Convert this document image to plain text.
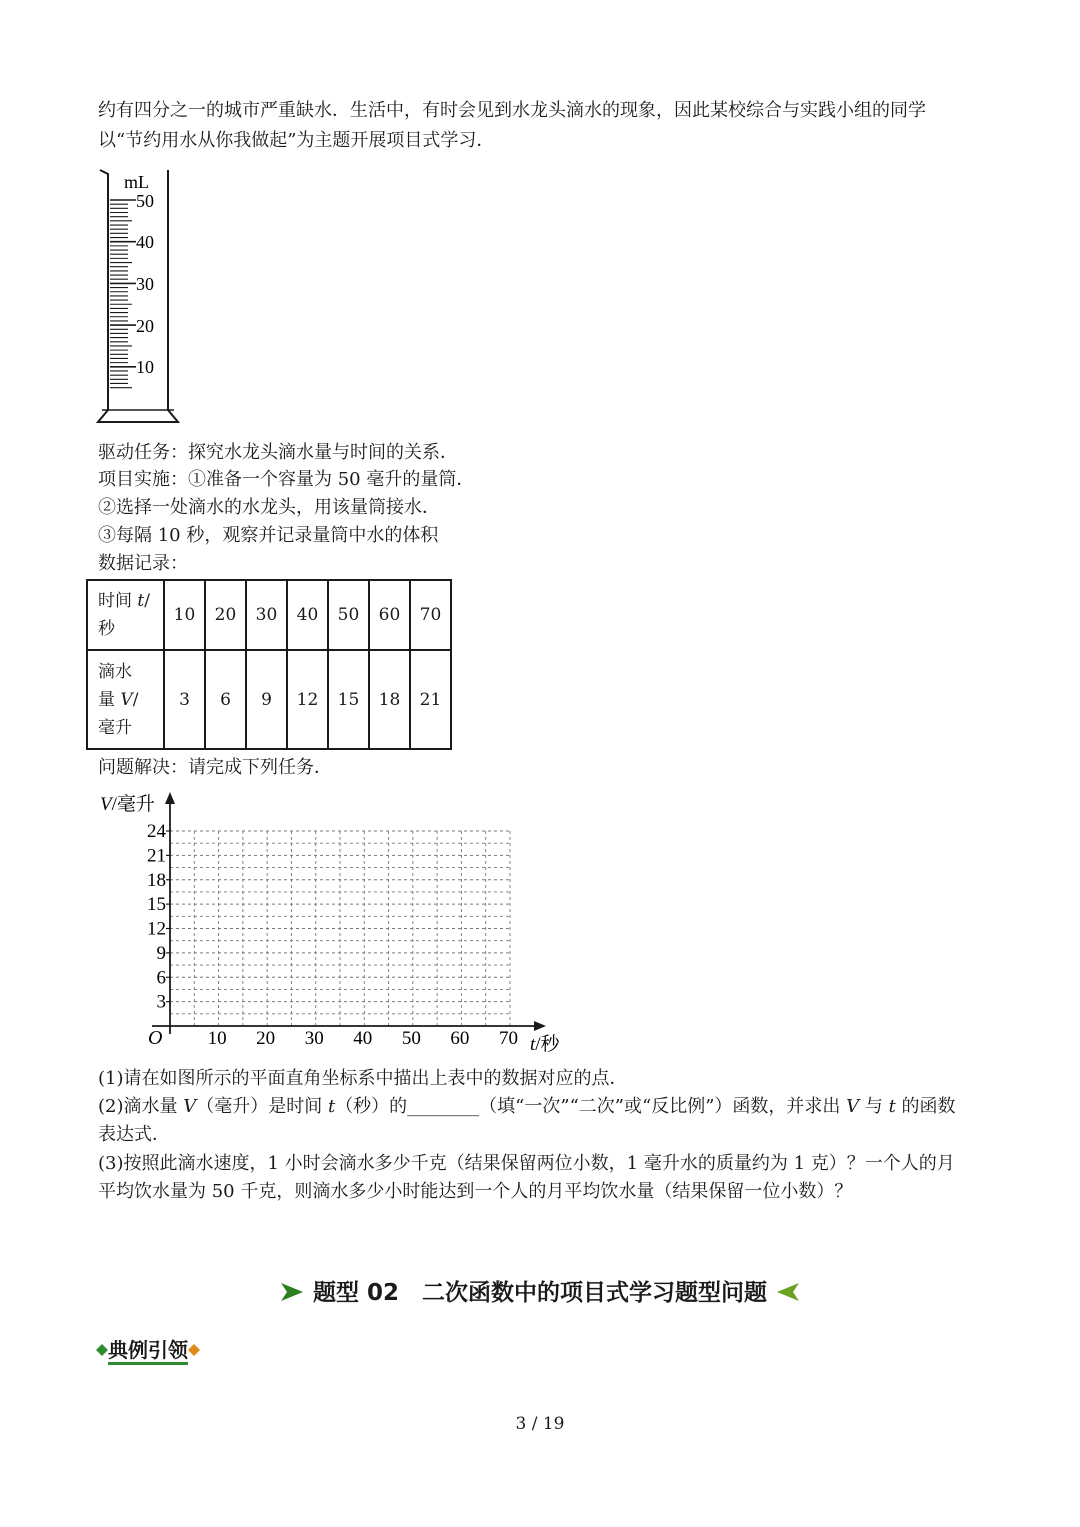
约有四分之一的城市严重缺水．生活中，有时会见到水龙头滴水的现象，因此某校综合与实践小组的同学
以“节约用水从你我做起”为主题开展项目式学习．
mL
50
40
30
20
10
驱动任务：探究水龙头滴水量与时间的关系．
项目实施：①准备一个容量为 50 毫升的量筒．
②选择一处滴水的水龙头，用该量筒接水．
③每隔 10 秒，观察并记录量筒中水的体积
数据记录：
时间 t/
秒	10	20	30	40	50	60	70
滴水
量 V/
毫升	3	6	9	12	15	18	21
问题解决：请完成下列任务．
10 20 30 40 50 60 70
3
6
9
12
15
18
21
24
V/毫升
t/秒
O
(1)请在如图所示的平面直角坐标系中描出上表中的数据对应的点．
(2)滴水量 V（毫升）是时间 t（秒）的________（填“一次”“二次”或“反比例”）函数，并求出 V 与 t 的函数
表达式．
(3)按照此滴水速度，1 小时会滴水多少千克（结果保留两位小数，1 毫升水的质量约为 1 克）？一个人的月
平均饮水量为 50 千克，则滴水多少小时能达到一个人的月平均饮水量（结果保留一位小数）？
题型 02　二次函数中的项目式学习题型问题
典例引领
3 / 19
